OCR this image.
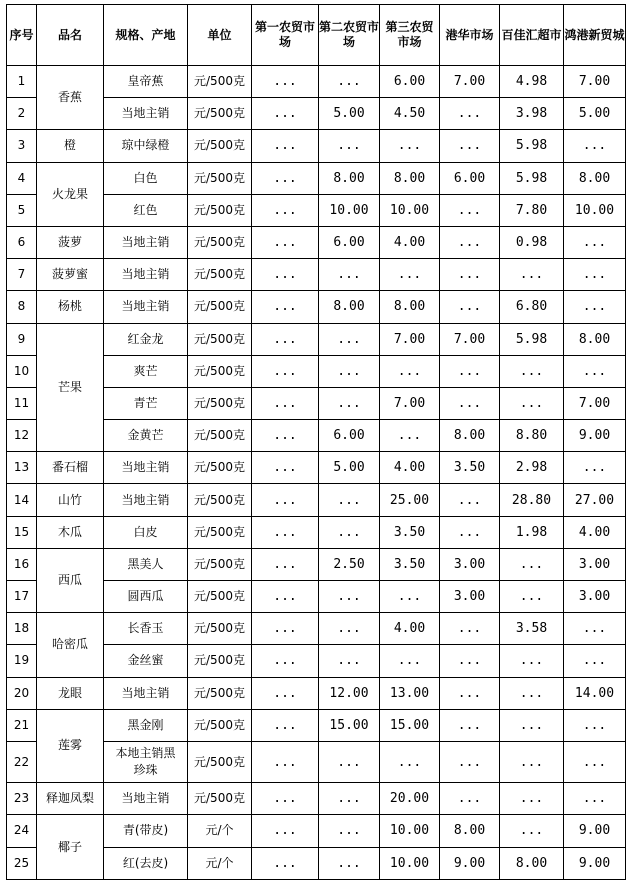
序号	品名	规格、产地	单位	第一农贸市场	第二农贸市场	第三农贸市场	港华市场	百佳汇超市	鸿港新贸城
1	香蕉	皇帝蕉	元/500克	...	...	6.00	7.00	4.98	7.00
2		当地主销	元/500克	...	5.00	4.50	...	3.98	5.00
3	橙	琼中绿橙	元/500克	...	...	...	...	5.98	...
4	火龙果	白色	元/500克	...	8.00	8.00	6.00	5.98	8.00
5		红色	元/500克	...	10.00	10.00	...	7.80	10.00
6	菠萝	当地主销	元/500克	...	6.00	4.00	...	0.98	...
7	菠萝蜜	当地主销	元/500克	...	...	...	...	...	...
8	杨桃	当地主销	元/500克	...	8.00	8.00	...	6.80	...
9	芒果	红金龙	元/500克	...	...	7.00	7.00	5.98	8.00
10		爽芒	元/500克	...	...	...	...	...	...
11		青芒	元/500克	...	...	7.00	...	...	7.00
12		金黄芒	元/500克	...	6.00	...	8.00	8.80	9.00
13	番石榴	当地主销	元/500克	...	5.00	4.00	3.50	2.98	...
14	山竹	当地主销	元/500克	...	...	25.00	...	28.80	27.00
15	木瓜	白皮	元/500克	...	...	3.50	...	1.98	4.00
16	西瓜	黑美人	元/500克	...	2.50	3.50	3.00	...	3.00
17		圆西瓜	元/500克	...	...	...	3.00	...	3.00
18	哈密瓜	长香玉	元/500克	...	...	4.00	...	3.58	...
19		金丝蜜	元/500克	...	...	...	...	...	...
20	龙眼	当地主销	元/500克	...	12.00	13.00	...	...	14.00
21	莲雾	黑金刚	元/500克	...	15.00	15.00	...	...	...
22		本地主销黑珍珠	元/500克	...	...	...	...	...	...
23	释迦凤梨	当地主销	元/500克	...	...	20.00	...	...	...
24	椰子	青(带皮)	元/个	...	...	10.00	8.00	...	9.00
25		红(去皮)	元/个	...	...	10.00	9.00	8.00	9.00
